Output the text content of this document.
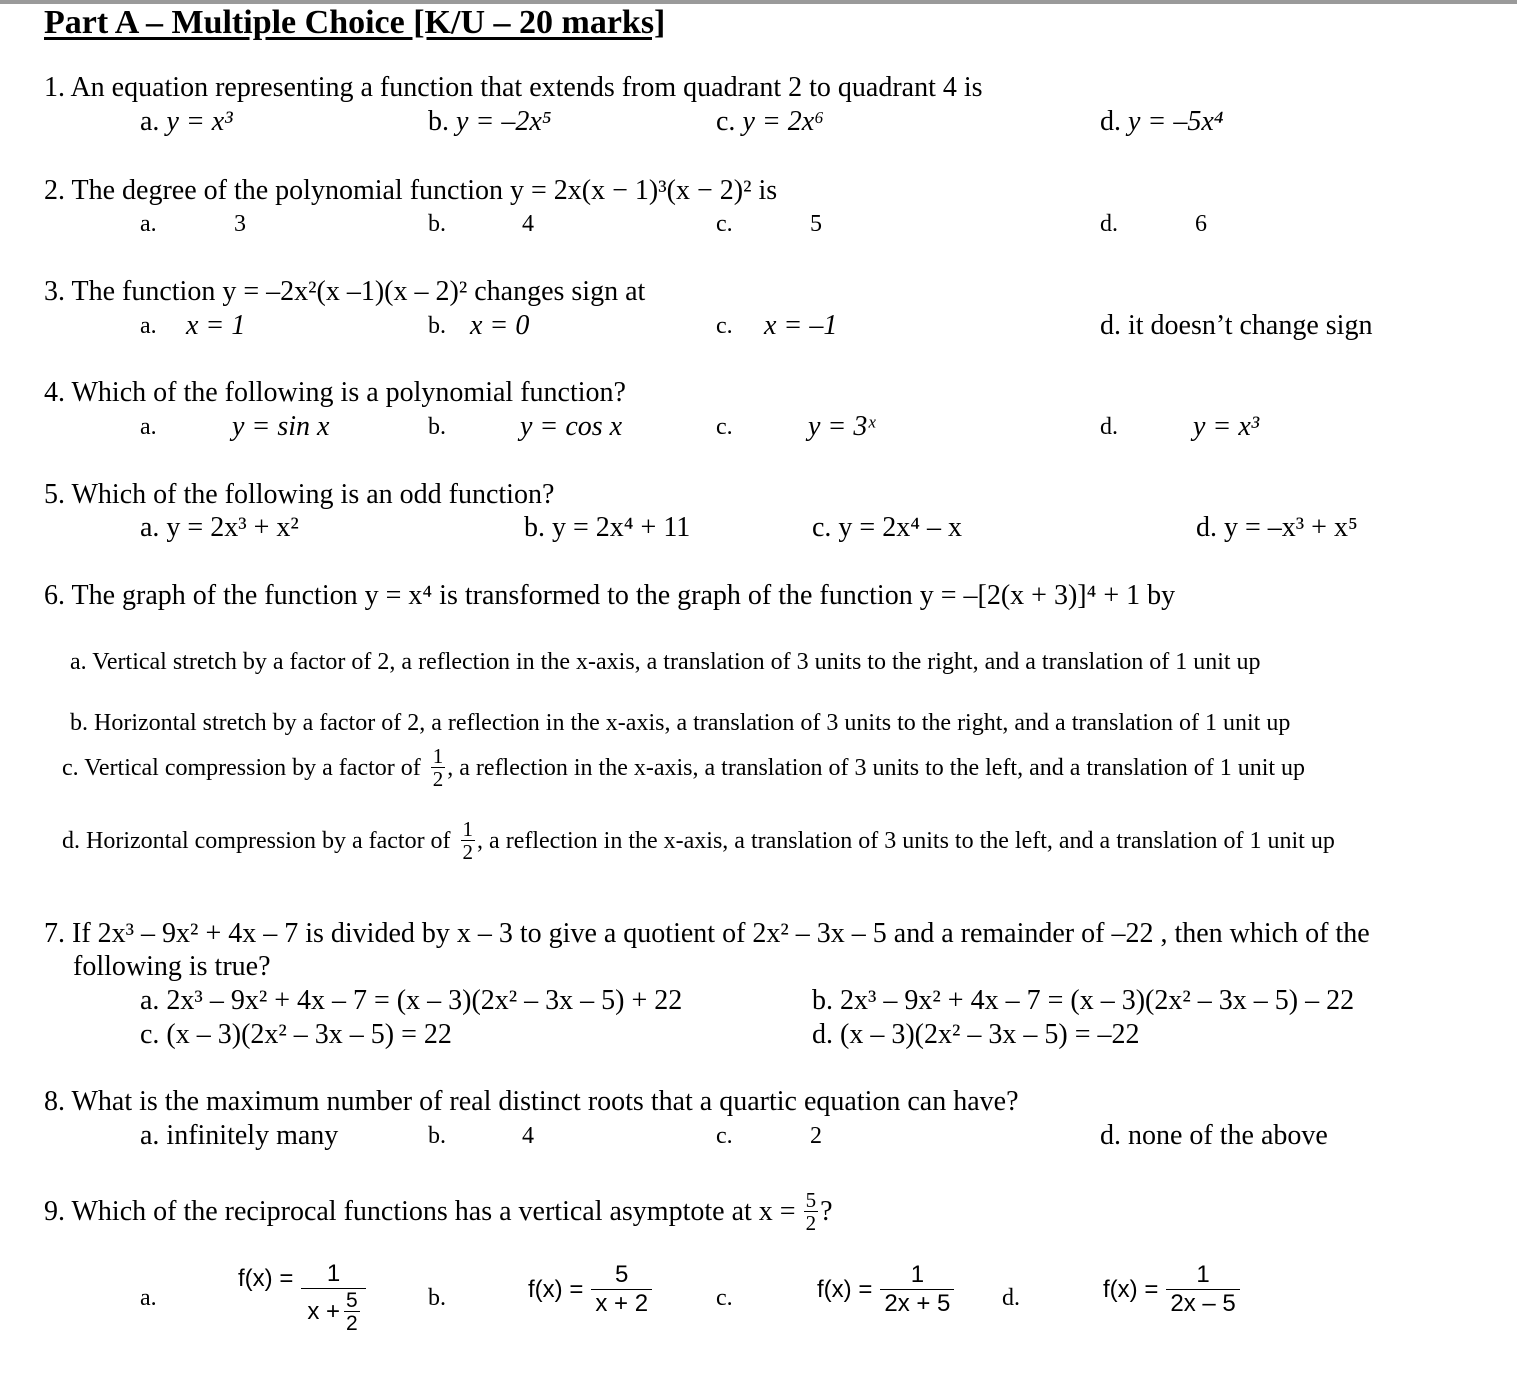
Part A – Multiple Choice [K/U – 20 marks]
1. An equation representing a function that extends from quadrant 2 to quadrant 4 is
a. y = x³	b. y = –2x⁵	c. y = 2x⁶	d. y = –5x⁴
2. The degree of the polynomial function y = 2x(x − 1)³(x − 2)² is
a.	3	b.	4	c.	5	d.	6
3. The function y = –2x²(x –1)(x – 2)² changes sign at
a. x = 1	b. x = 0	c. x = –1	d. it doesn’t change sign
4. Which of the following is a polynomial function?
a.	y = sin x	b.	y = cos x	c.	y = 3ˣ	d.	y = x³
5. Which of the following is an odd function?
a. y = 2x³ + x²	b. y = 2x⁴ + 11	c. y = 2x⁴ – x	d. y = –x³ + x⁵
6. The graph of the function y = x⁴ is transformed to the graph of the function y = –[2(x + 3)]⁴ + 1 by
a. Vertical stretch by a factor of 2, a reflection in the x-axis, a translation of 3 units to the right, and a translation of 1 unit up
b. Horizontal stretch by a factor of 2, a reflection in the x-axis, a translation of 3 units to the right, and a translation of 1 unit up
c. Vertical compression by a factor of $\frac{1}{2}$ , a reflection in the x-axis, a translation of 3 units to the left, and a translation of 1 unit up
d. Horizontal compression by a factor of $\frac{1}{2}$ , a reflection in the x-axis, a translation of 3 units to the left, and a translation of 1 unit up
7. If 2x³ – 9x² + 4x – 7 is divided by x – 3 to give a quotient of 2x² – 3x – 5 and a remainder of –22 , then which of the
following is true?
a. 2x³ – 9x² + 4x – 7 = (x – 3)(2x² – 3x – 5) + 22	b. 2x³ – 9x² + 4x – 7 = (x – 3)(2x² – 3x – 5) – 22
c. (x – 3)(2x² – 3x – 5) = 22	d. (x – 3)(2x² – 3x – 5) = –22
8. What is the maximum number of real distinct roots that a quartic equation can have?
a. infinitely many	b.	4	c.	2	d. none of the above
9. Which of the reciprocal functions has a vertical asymptote at $x = \frac{5}{2}$ ?
a.
$f(x) = \frac{1}{x + \frac{5}{2}}$	b.	$f(x) = \frac{5}{x + 2}$	c.	$f(x) = \frac{1}{2x + 5} d$.	$f(x) = \frac{1}{2x - 5}$
